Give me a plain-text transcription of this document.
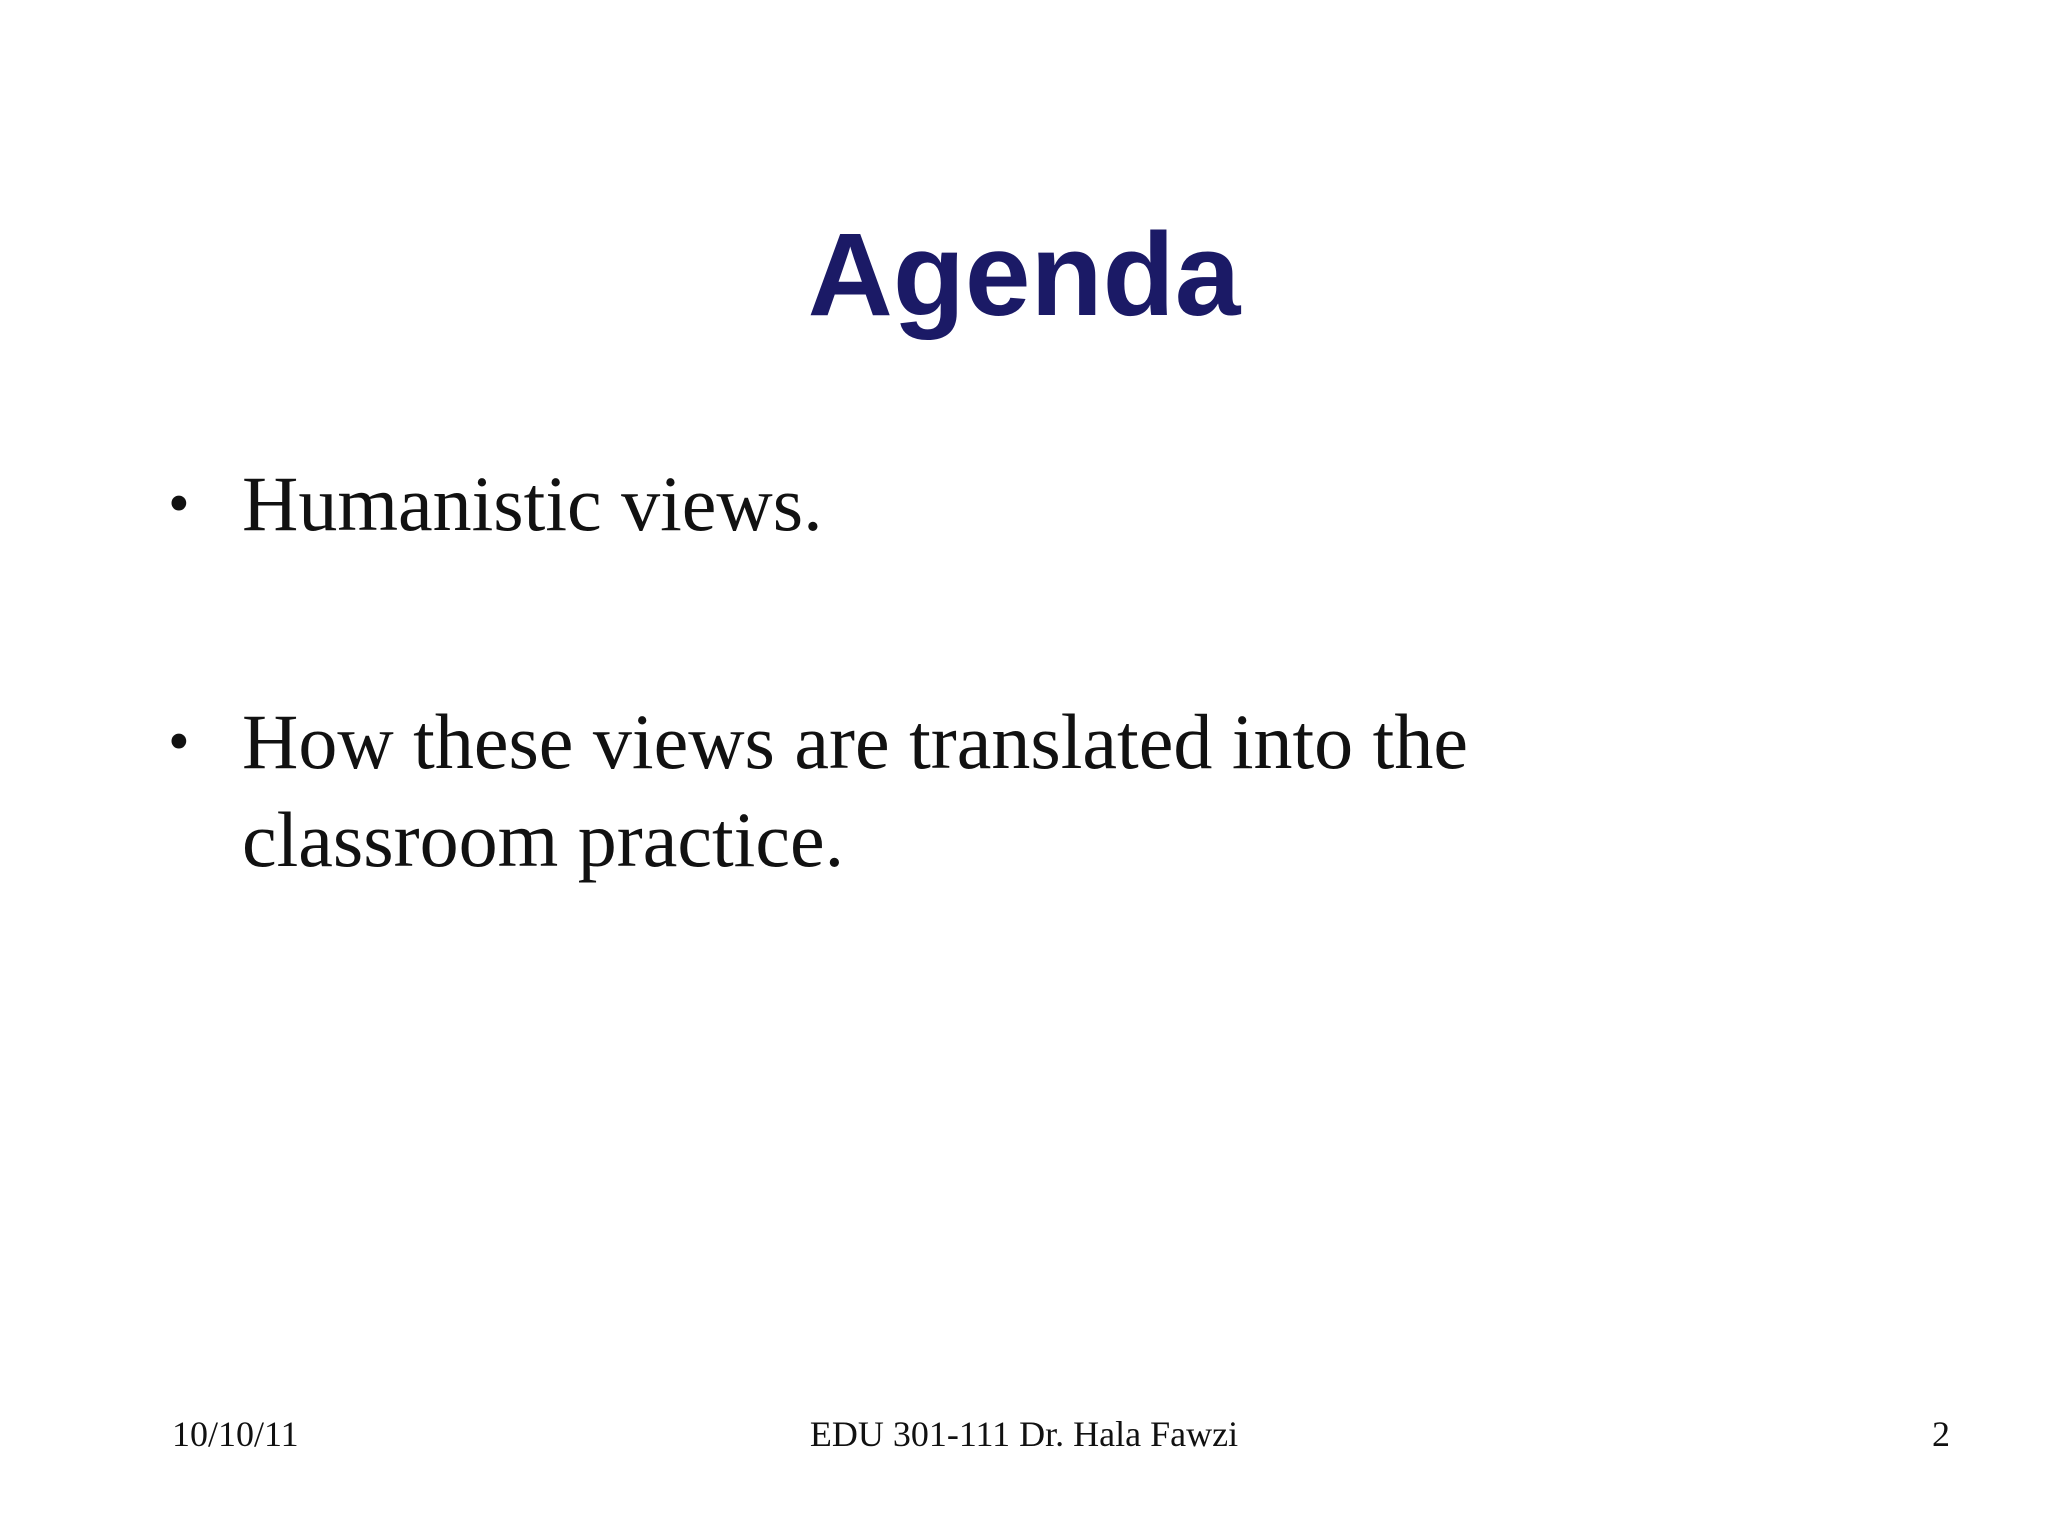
Agenda
• Humanistic views.
• How these views are translated into the classroom practice.
10/10/11	EDU 301-111 Dr. Hala Fawzi	2
